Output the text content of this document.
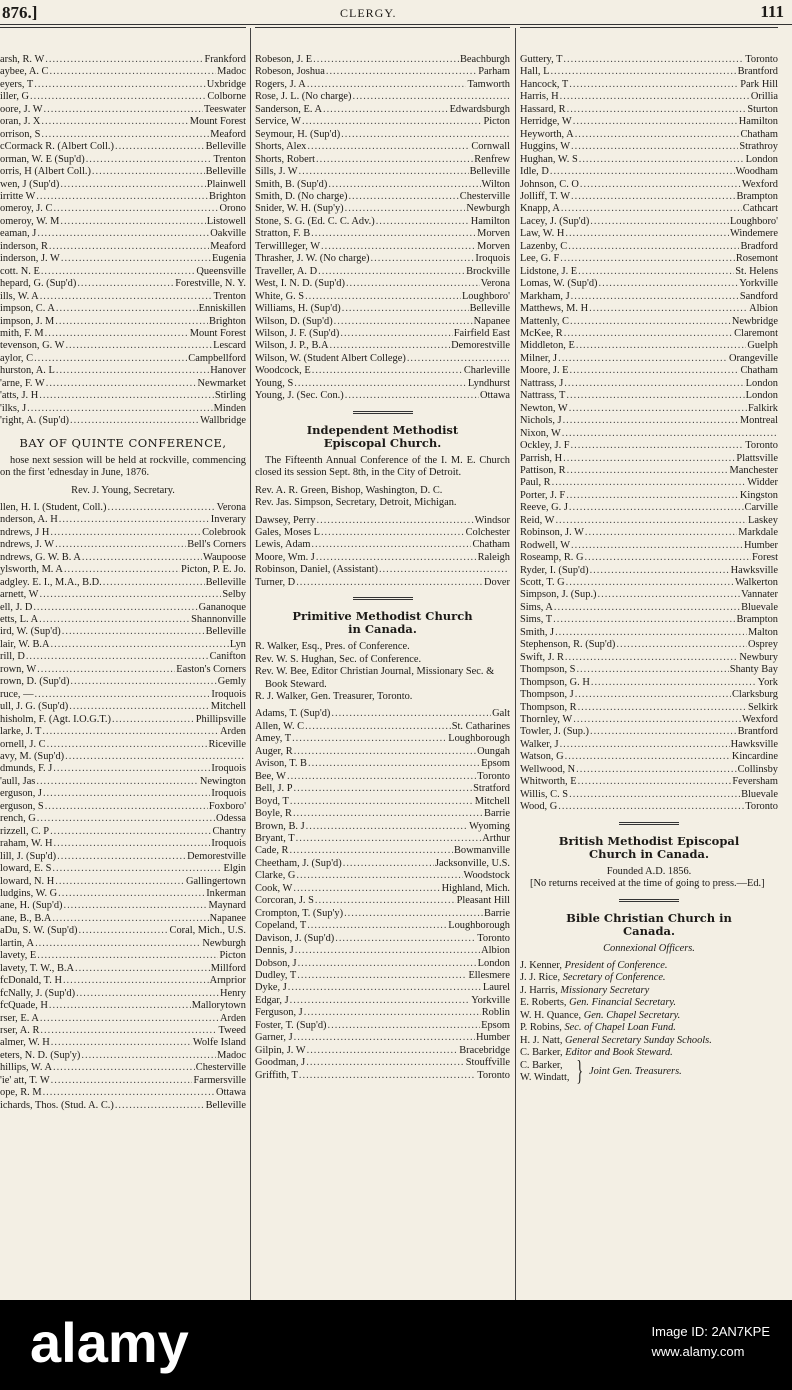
876.]	CLERGY.	111
arsh, R. W .....	Frankford
aybee, A. C .....	Madoc
eyers, T .....	Uxbridge
iller, G .....	Colborne
oore, J. W .....	Teeswater
oran, J. X .....	Mount Forest
orrison, S .....	Meaford
cCormack R. (Albert Coll.) .....	Belleville
orman, W. E (Sup'd) .....	Trenton
orris, H (Albert Coll.) .....	Belleville
wen, J (Sup'd) .....	Plainwell
irritte W .....	Brighton
omeroy, J. C .....	Orono
omeroy, W. M .....	Listowell
eaman, J .....	Oakville
inderson, R .....	Meaford
inderson, J. W .....	Eugenia
cott. N. E .....	Queensville
hepard, G. (Sup'd) .....	Forestville, N. Y.
ills, W. A .....	Trenton
impson, C. A .....	Enniskillen
impson, J. M .....	Brighton
mith, F. M .....	Mount Forest
tevenson, G. W .....	Lescard
aylor, C .....	Campbellford
hurston, A. L .....	Hanover
'arne, F. W .....	Newmarket
'atts, J. H .....	Stirling
'ilks, J .....	Minden
'right, A. (Sup'd) .....	Wallbridge
BAY OF QUINTE CONFERENCE,
hose next session will be held at rockville, commencing on the first 'ednesday in June, 1876.
Rev. J. Young, Secretary.
llen, H. I. (Student, Coll.) .....	Verona
nderson, A. H .....	Inverary
ndrews, J H .....	Colebrook
ndrews, J. W .....	Bell's Corners
ndrews, G. W. B. A .....	Waupoose
ylsworth, M. A .....	Picton, P. E. Jo.
adgley. E. I., M.A., B.D. .....	Belleville
arnett, W .....	Selby
ell, J. D .....	Gananoque
etts, L. A .....	Shannonville
ird, W. (Sup'd) .....	Belleville
lair, W. B.A .....	Lyn
rill, D .....	Canifton
rown, W .....	Easton's Corners
rown, D. (Sup'd) .....	Gemly
ruce, — .....	Iroquois
ull, J. G. (Sup'd) .....	Mitchell
hisholm, F. (Agt. I.O.G.T.) .....	Phillipsville
larke, J. T .....	Arden
ornell, J. C .....	Riceville
avy, M. (Sup'd)
.....
dmunds, F. J .....	Iroquois
'aull, Jas .....	Newington
erguson, J .....	Iroquois
erguson, S .....	Foxboro'
rench, G .....	Odessa
rizzell, C. P .....	Chantry
raham, W. H .....	Iroquois
lill, J. (Sup'd) .....	Demorestville
loward, E. S .....	Elgin
loward, N. H .....	Gallingertown
ludgins, W. G .....	Inkerman
ane, H. (Sup'd) .....	Maynard
ane, B., B.A .....	Napanee
aDu, S. W. (Sup'd) .....	Coral, Mich., U.S.
lartin, A .....	Newburgh
lavety, E .....	Picton
lavety, T. W., B.A .....	Millford
fcDonald, T. H .....	Arnprior
fcNally, J. (Sup'd) .....	Henry
fcQuade, H .....	Mallorytown
rser, E. A .....	Arden
rser, A. R .....	Tweed
almer, W. H .....	Wolfe Island
eters, N. D. (Sup'y) .....	Madoc
hillips, W. A .....	Chesterville
'ie' att, T. W .....	Farmersville
ope, R. M .....	Ottawa
ichards, Thos. (Stud. A. C.) .....	Belleville
Robeson, J. E .....	Beachburgh
Robeson, Joshua .....	Parham
Rogers, J. A .....	Tamworth
Rose, J. L. (No charge)
.....
Sanderson, E. A .....	Edwardsburgh
Service, W .....	Picton
Seymour, H. (Sup'd)
.....
Shorts, Alex .....	Cornwall
Shorts, Robert .....	Renfrew
Sills, J. W .....	Belleville
Smith, B. (Sup'd) .....	Wilton
Smith, D. (No charge) .....	Chesterville
Snider, W. H. (Sup'y) .....	Newburgh
Stone, S. G. (Ed. C. C. Adv.) .....	Hamilton
Stratton, F. B .....	Morven
Terwillleger, W .....	Morven
Thrasher, J. W. (No charge) .....	Iroquois
Traveller, A. D .....	Brockville
West, I. N. D. (Sup'd) .....	Verona
White, G. S .....	Loughboro'
Williams, H. (Sup'd) .....	Belleville
Wilson, D. (Sup'd) .....	Napanee
Wilson, J. F. (Sup'd) .....	Fairfield East
Wilson, J. P., B.A .....	Demorestville
Wilson, W. (Student Albert College)
.....
Woodcock, E .....	Charleville
Young, S .....	Lyndhurst
Young, J. (Sec. Con.) .....	Ottawa
Independent Methodist
Episcopal Church.
The Fifteenth Annual Conference of the I. M. E. Church closed its session Sept. 8th, in the City of Detroit.
Rev. A. R. Green, Bishop, Washington, D. C.
Rev. Jas. Simpson, Secretary, Detroit, Michigan.
Dawsey, Perry .....	Windsor
Gales, Moses L .....	Colchester
Lewis, Adam .....	Chatham
Moore, Wm. J .....	Raleigh
Robinson, Daniel, (Assistant)
.....
Turner, D .....	Dover
Primitive Methodist Church
in Canada.
R. Walker, Esq., Pres. of Conference.
Rev. W. S. Hughan, Sec. of Conference.
Rev. W. Bee, Editor Christian Journal, Missionary Sec. & Book Steward.
R. J. Walker, Gen. Treasurer, Toronto.
Adams, T. (Sup'd) .....	Galt
Allen, W. C .....	St. Catharines
Amey, T .....	Loughborough
Auger, R .....	Oungah
Avison, T. B .....	Epsom
Bee, W .....	Toronto
Bell, J. P .....	Stratford
Boyd, T .....	Mitchell
Boyle, R .....	Barrie
Brown, B. J .....	Wyoming
Bryant, T .....	Arthur
Cade, R .....	Bowmanville
Cheetham, J. (Sup'd) .....	Jacksonville, U.S.
Clarke, G .....	Woodstock
Cook, W .....	Highland, Mich.
Corcoran, J. S .....	Pleasant Hill
Crompton, T. (Sup'y) .....	Barrie
Copeland, T .....	Loughborough
Davison, J. (Sup'd) .....	Toronto
Dennis, J .....	Albion
Dobson, J .....	London
Dudley, T .....	Ellesmere
Dyke, J .....	Laurel
Edgar, J .....	Yorkville
Ferguson, J .....	Roblin
Foster, T. (Sup'd) .....	Epsom
Garner, J .....	Humber
Gilpin, J. W .....	Bracebridge
Goodman, J .....	Stouffville
Griffith, T .....	Toronto
Guttery, T .....	Toronto
Hall, L .....	Brantford
Hancock, T .....	Park Hill
Harris, H .....	Orillia
Hassard, R .....	Sturton
Herridge, W .....	Hamilton
Heyworth, A .....	Chatham
Huggins, W .....	Strathroy
Hughan, W. S .....	London
Idle, D .....	Woodham
Johnson, C. O .....	Wexford
Jolliff, T. W .....	Brampton
Knapp, A .....	Cathcart
Lacey, J. (Sup'd) .....	Loughboro'
Law, W. H .....	Windemere
Lazenby, C .....	Bradford
Lee, G. F .....	Rosemont
Lidstone, J. E .....	St. Helens
Lomas, W. (Sup'd) .....	Yorkville
Markham, J .....	Sandford
Matthews, M. H .....	Albion
Mattenly, C .....	Newbridge
McKee, R .....	Claremont
Middleton, E .....	Guelph
Milner, J .....	Orangeville
Moore, J. E .....	Chatham
Nattrass, J .....	London
Nattrass, T .....	London
Newton, W .....	Falkirk
Nichols, J .....	Montreal
Nixon, W
.....
Ockley, J. F .....	Toronto
Parrish, H .....	Plattsville
Pattison, R .....	Manchester
Paul, R .....	Widder
Porter, J. F .....	Kingston
Reeve, G. J .....	Carville
Reid, W .....	Laskey
Robinson, J. W .....	Markdale
Rodwell, W .....	Humber
Roseamp, R. G .....	Forest
Ryder, I. (Sup'd) .....	Hawksville
Scott, T. G .....	Walkerton
Simpson, J. (Sup.) .....	Vannater
Sims, A .....	Bluevale
Sims, T .....	Brampton
Smith, J .....	Malton
Stephenson, R. (Sup'd) .....	Osprey
Swift, J. R .....	Newbury
Thompson, S .....	Shanty Bay
Thompson, G. H .....	York
Thompson, J .....	Clarksburg
Thompson, R .....	Selkirk
Thornley, W .....	Wexford
Towler, J. (Sup.) .....	Brantford
Walker, J .....	Hawksville
Watson, G .....	Kincardine
Wellwood, N .....	Collinsby
Whitworth, E .....	Feversham
Willis, C. S .....	Bluevale
Wood, G .....	Toronto
British Methodist Episcopal
Church in Canada.
Founded A.D. 1856.
[No returns received at the time of going to press.—Ed.]
Bible Christian Church in
Canada.
Connexional Officers.
J. Kenner, President of Conference.
J. J. Rice, Secretary of Conference.
J. Harris, Missionary Secretary
E. Roberts, Gen. Financial Secretary.
W. H. Quance, Gen. Chapel Secretary.
P. Robins, Sec. of Chapel Loan Fund.
H. J. Natt, General Secretary Sunday Schools.
C. Barker, Editor and Book Steward.
C. Barker,
W. Windatt, } Joint Gen. Treasurers.
alamy	Image ID: 2AN7KPE
www.alamy.com
